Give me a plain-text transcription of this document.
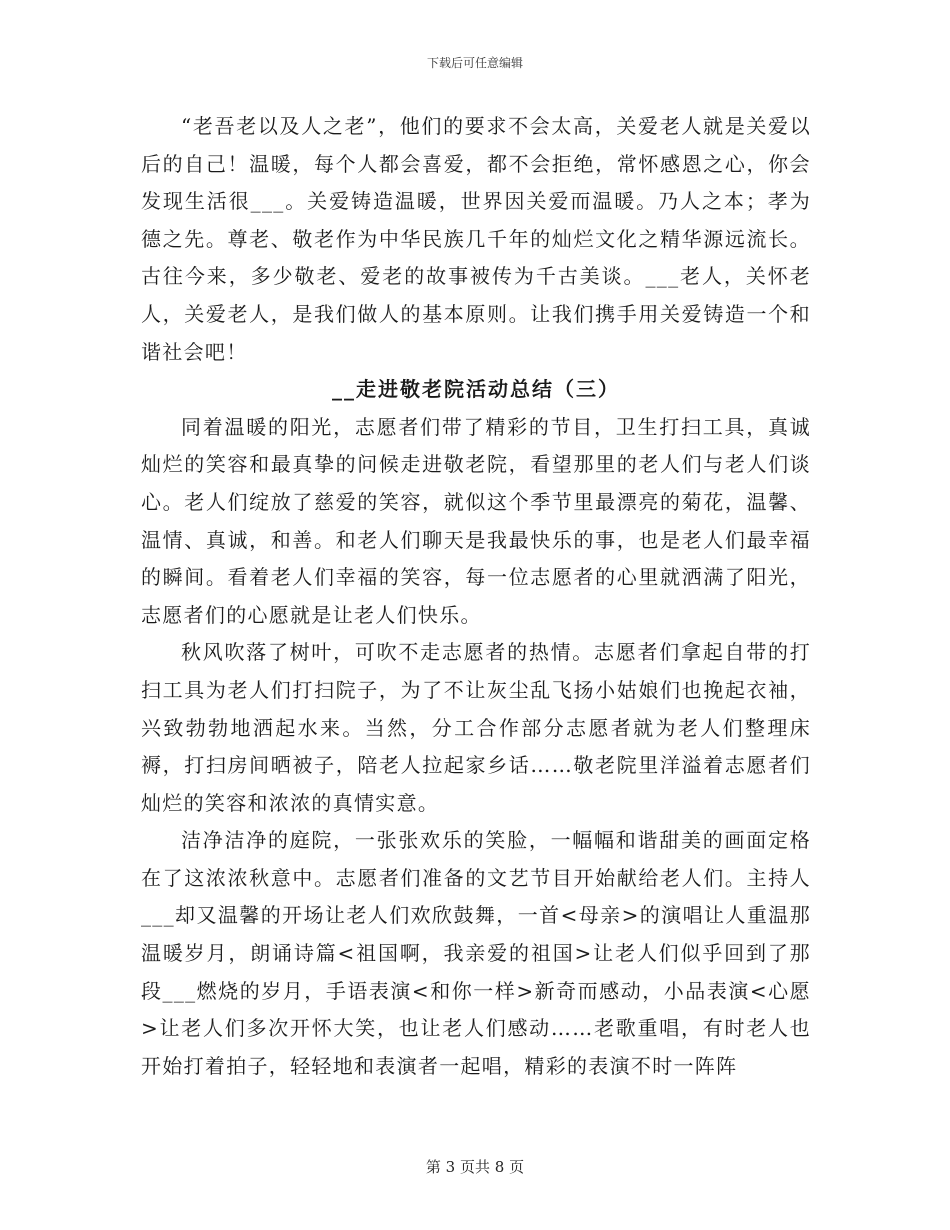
下载后可任意编辑

“老吾老以及人之老”，他们的要求不会太高，关爱老人就是关爱以后的自己！温暖，每个人都会喜爱，都不会拒绝，常怀感恩之心，你会发现生活很___。关爱铸造温暖，世界因关爱而温暖。乃人之本；孝为德之先。尊老、敬老作为中华民族几千年的灿烂文化之精华源远流长。古往今来，多少敬老、爱老的故事被传为千古美谈。___老人，关怀老人，关爱老人，是我们做人的基本原则。让我们携手用关爱铸造一个和谐社会吧！

__走进敬老院活动总结（三）

同着温暖的阳光，志愿者们带了精彩的节目，卫生打扫工具，真诚灿烂的笑容和最真挚的问候走进敬老院，看望那里的老人们与老人们谈心。老人们绽放了慈爱的笑容，就似这个季节里最漂亮的菊花，温馨、温情、真诚，和善。和老人们聊天是我最快乐的事，也是老人们最幸福的瞬间。看着老人们幸福的笑容，每一位志愿者的心里就洒满了阳光，志愿者们的心愿就是让老人们快乐。

秋风吹落了树叶，可吹不走志愿者的热情。志愿者们拿起自带的打扫工具为老人们打扫院子，为了不让灰尘乱飞扬小姑娘们也挽起衣袖，兴致勃勃地洒起水来。当然，分工合作部分志愿者就为老人们整理床褥，打扫房间晒被子，陪老人拉起家乡话……敬老院里洋溢着志愿者们灿烂的笑容和浓浓的真情实意。

洁净洁净的庭院，一张张欢乐的笑脸，一幅幅和谐甜美的画面定格在了这浓浓秋意中。志愿者们准备的文艺节目开始献给老人们。主持人___却又温馨的开场让老人们欢欣鼓舞，一首<母亲>的演唱让人重温那温暖岁月，朗诵诗篇<祖国啊，我亲爱的祖国>让老人们似乎回到了那段___燃烧的岁月，手语表演<和你一样>新奇而感动，小品表演<心愿>让老人们多次开怀大笑，也让老人们感动……老歌重唱，有时老人也开始打着拍子，轻轻地和表演者一起唱，精彩的表演不时一阵阵

第 3 页共 8 页
